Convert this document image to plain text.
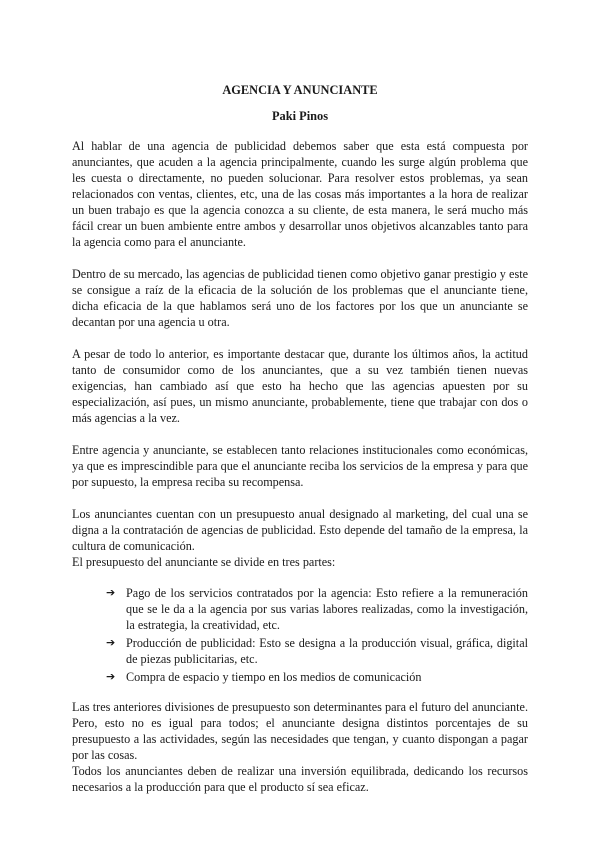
AGENCIA Y ANUNCIANTE
Paki Pinos

Al hablar de una agencia de publicidad debemos saber que esta está compuesta por anunciantes, que acuden a la agencia principalmente, cuando les surge algún problema que les cuesta o directamente, no pueden solucionar. Para resolver estos problemas, ya sean relacionados con ventas, clientes, etc, una de las cosas más importantes a la hora de realizar un buen trabajo es que la agencia conozca a su cliente, de esta manera, le será mucho más fácil crear un buen ambiente entre ambos y desarrollar unos objetivos alcanzables tanto para la agencia como para el anunciante.

Dentro de su mercado, las agencias de publicidad tienen como objetivo ganar prestigio y este se consigue a raíz de la eficacia de la solución de los problemas que el anunciante tiene, dicha eficacia de la que hablamos será uno de los factores por los que un anunciante se decantan por una agencia u otra.

A pesar de todo lo anterior, es importante destacar que, durante los últimos años, la actitud tanto de consumidor como de los anunciantes, que a su vez también tienen nuevas exigencias, han cambiado así que esto ha hecho que las agencias apuesten por su especialización, así pues, un mismo anunciante, probablemente, tiene que trabajar con dos o más agencias a la vez.

Entre agencia y anunciante, se establecen tanto relaciones institucionales como económicas, ya que es imprescindible para que el anunciante reciba los servicios de la empresa y para que por supuesto, la empresa reciba su recompensa.

Los anunciantes cuentan con un presupuesto anual designado al marketing, del cual una se digna a la contratación de agencias de publicidad. Esto depende del tamaño de la empresa, la cultura de comunicación.

El presupuesto del anunciante se divide en tres partes:

➔ Pago de los servicios contratados por la agencia: Esto refiere a la remuneración que se le da a la agencia por sus varias labores realizadas, como la investigación, la estrategia, la creatividad, etc.
➔ Producción de publicidad: Esto se designa a la producción visual, gráfica, digital de piezas publicitarias, etc.
➔ Compra de espacio y tiempo en los medios de comunicación

Las tres anteriores divisiones de presupuesto son determinantes para el futuro del anunciante. Pero, esto no es igual para todos; el anunciante designa distintos porcentajes de su presupuesto a las actividades, según las necesidades que tengan, y cuanto dispongan a pagar por las cosas.

Todos los anunciantes deben de realizar una inversión equilibrada, dedicando los recursos necesarios a la producción para que el producto sí sea eficaz.
